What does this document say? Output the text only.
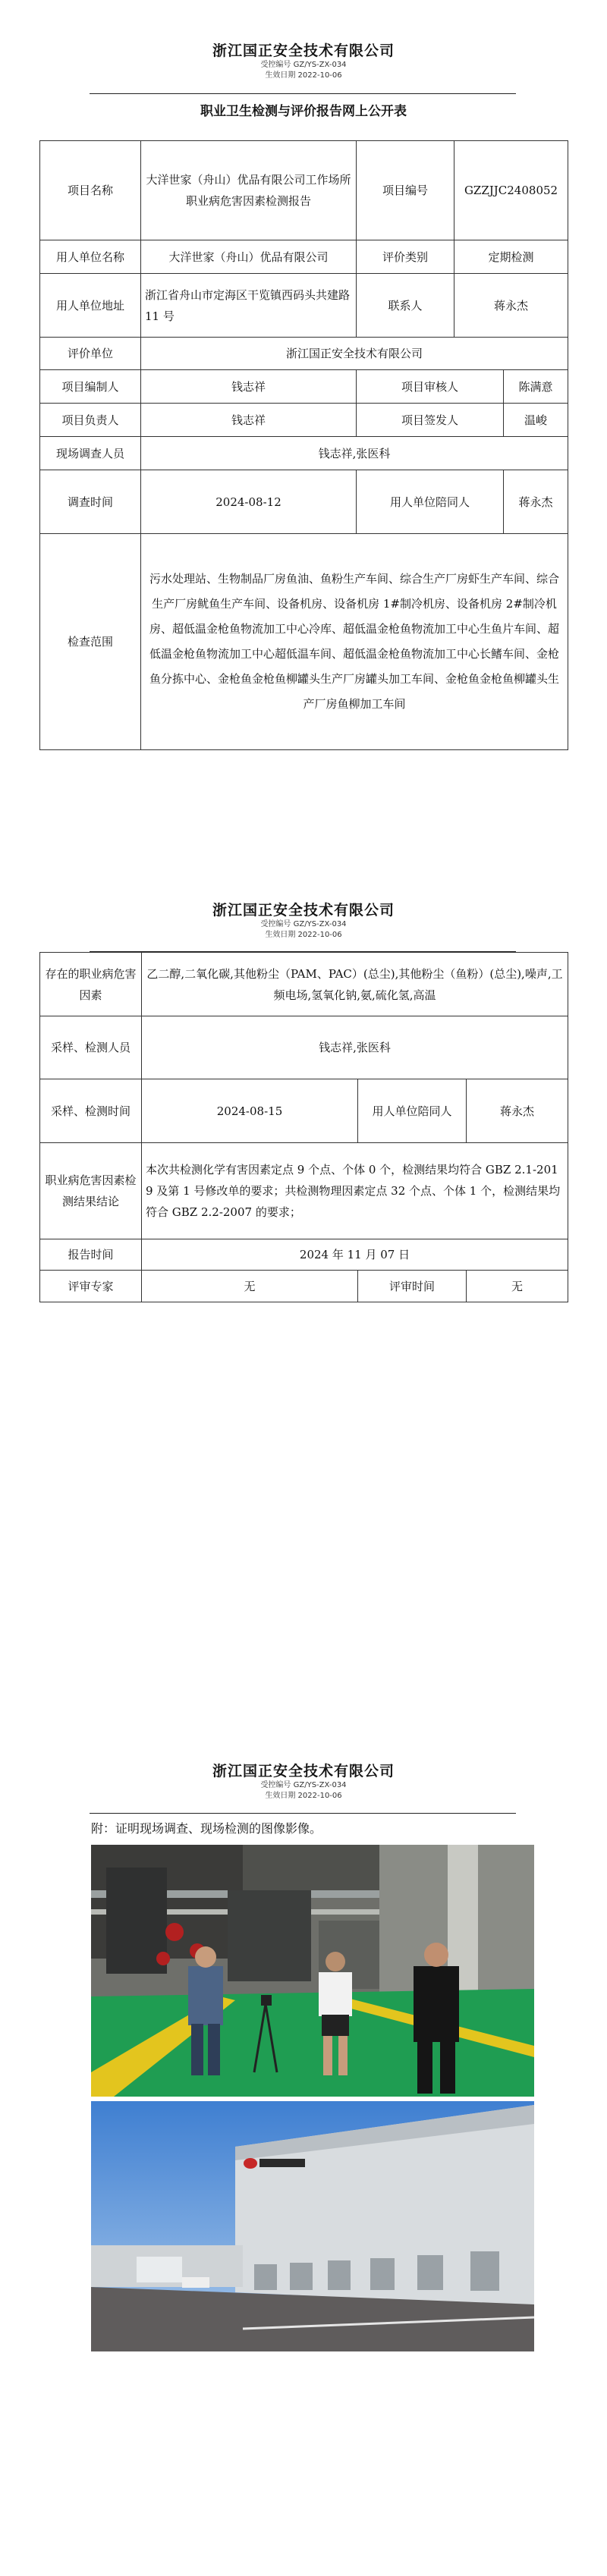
浙江国正安全技术有限公司
受控编号 GZ/YS-ZX-034
生效日期 2022-10-06
职业卫生检测与评价报告网上公开表
项目名称	大洋世家（舟山）优品有限公司工作场所职业病危害因素检测报告	项目编号	GZZJJC2408052	
用人单位名称	大洋世家（舟山）优品有限公司	评价类别	定期检测	
用人单位地址	浙江省舟山市定海区干览镇西码头共建路 11 号	联系人	蒋永杰	
评价单位	浙江国正安全技术有限公司			
项目编制人	钱志祥	项目审核人		陈满意
项目负责人	钱志祥	项目签发人		温峻
现场调查人员	钱志祥,张医科			
调查时间	2024-08-12	用人单位陪同人		蒋永杰
检查范围	污水处理站、生物制品厂房鱼油、鱼粉生产车间、综合生产厂房虾生产车间、综合生产厂房鱿鱼生产车间、设备机房、设备机房 1#制冷机房、设备机房 2#制冷机房、超低温金枪鱼物流加工中心冷库、超低温金枪鱼物流加工中心生鱼片车间、超低温金枪鱼物流加工中心超低温车间、超低温金枪鱼物流加工中心长鳍车间、金枪鱼分拣中心、金枪鱼金枪鱼柳罐头生产厂房罐头加工车间、金枪鱼金枪鱼柳罐头生产厂房鱼柳加工车间			
浙江国正安全技术有限公司
受控编号 GZ/YS-ZX-034
生效日期 2022-10-06
存在的职业病危害因素	乙二醇,二氧化碳,其他粉尘（PAM、PAC）(总尘),其他粉尘（鱼粉）(总尘),噪声,工频电场,氢氧化钠,氨,硫化氢,高温		
采样、检测人员	钱志祥,张医科		
采样、检测时间	2024-08-15	用人单位陪同人	蒋永杰
职业病危害因素检测结果结论	本次共检测化学有害因素定点 9 个点、个体 0 个，检测结果均符合 GBZ 2.1-2019 及第 1 号修改单的要求；共检测物理因素定点 32 个点、个体 1 个，检测结果均符合 GBZ 2.2-2007 的要求；		
报告时间	2024 年 11 月 07 日		
评审专家	无	评审时间	无
浙江国正安全技术有限公司
受控编号 GZ/YS-ZX-034
生效日期 2022-10-06
附：证明现场调查、现场检测的图像影像。
